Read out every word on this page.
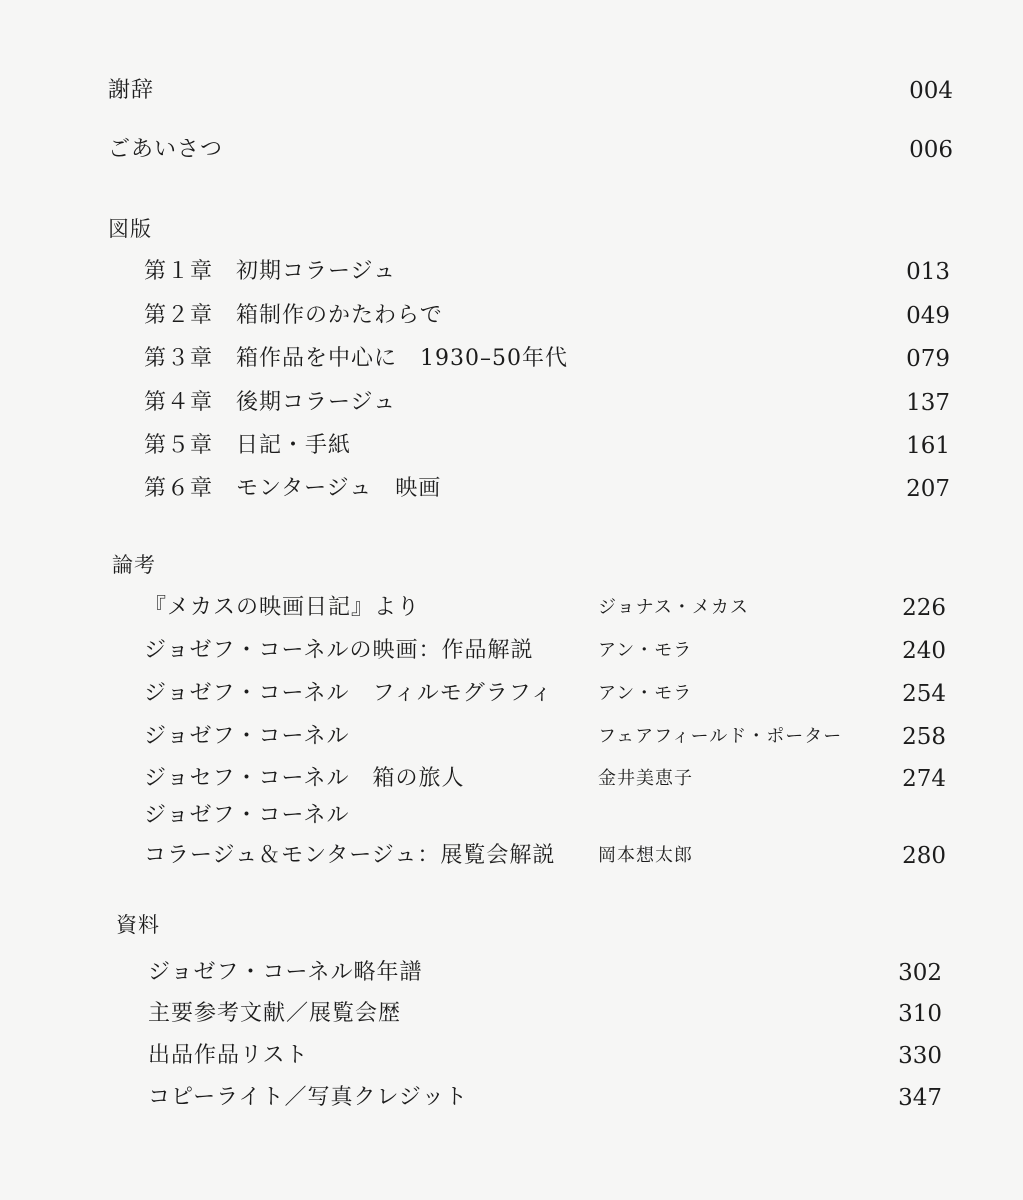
謝辞	004
ごあいさつ	006
図版
第１章　初期コラージュ	013
第２章　箱制作のかたわらで	049
第３章　箱作品を中心に　1930–50年代	079
第４章　後期コラージュ	137
第５章　日記・手紙	161
第６章　モンタージュ　映画	207
論考
『メカスの映画日記』より	ジョナス・メカス	226
ジョゼフ・コーネルの映画：作品解説	アン・モラ	240
ジョゼフ・コーネル　フィルモグラフィ	アン・モラ	254
ジョゼフ・コーネル	フェアフィールド・ポーター	258
ジョセフ・コーネル　箱の旅人	金井美恵子	274
ジョゼフ・コーネル
コラージュ＆モンタージュ：展覧会解説 岡本想太郎	280
資料
ジョゼフ・コーネル略年譜	302
主要参考文献／展覧会歴	310
出品作品リスト	330
コピーライト／写真クレジット	347
